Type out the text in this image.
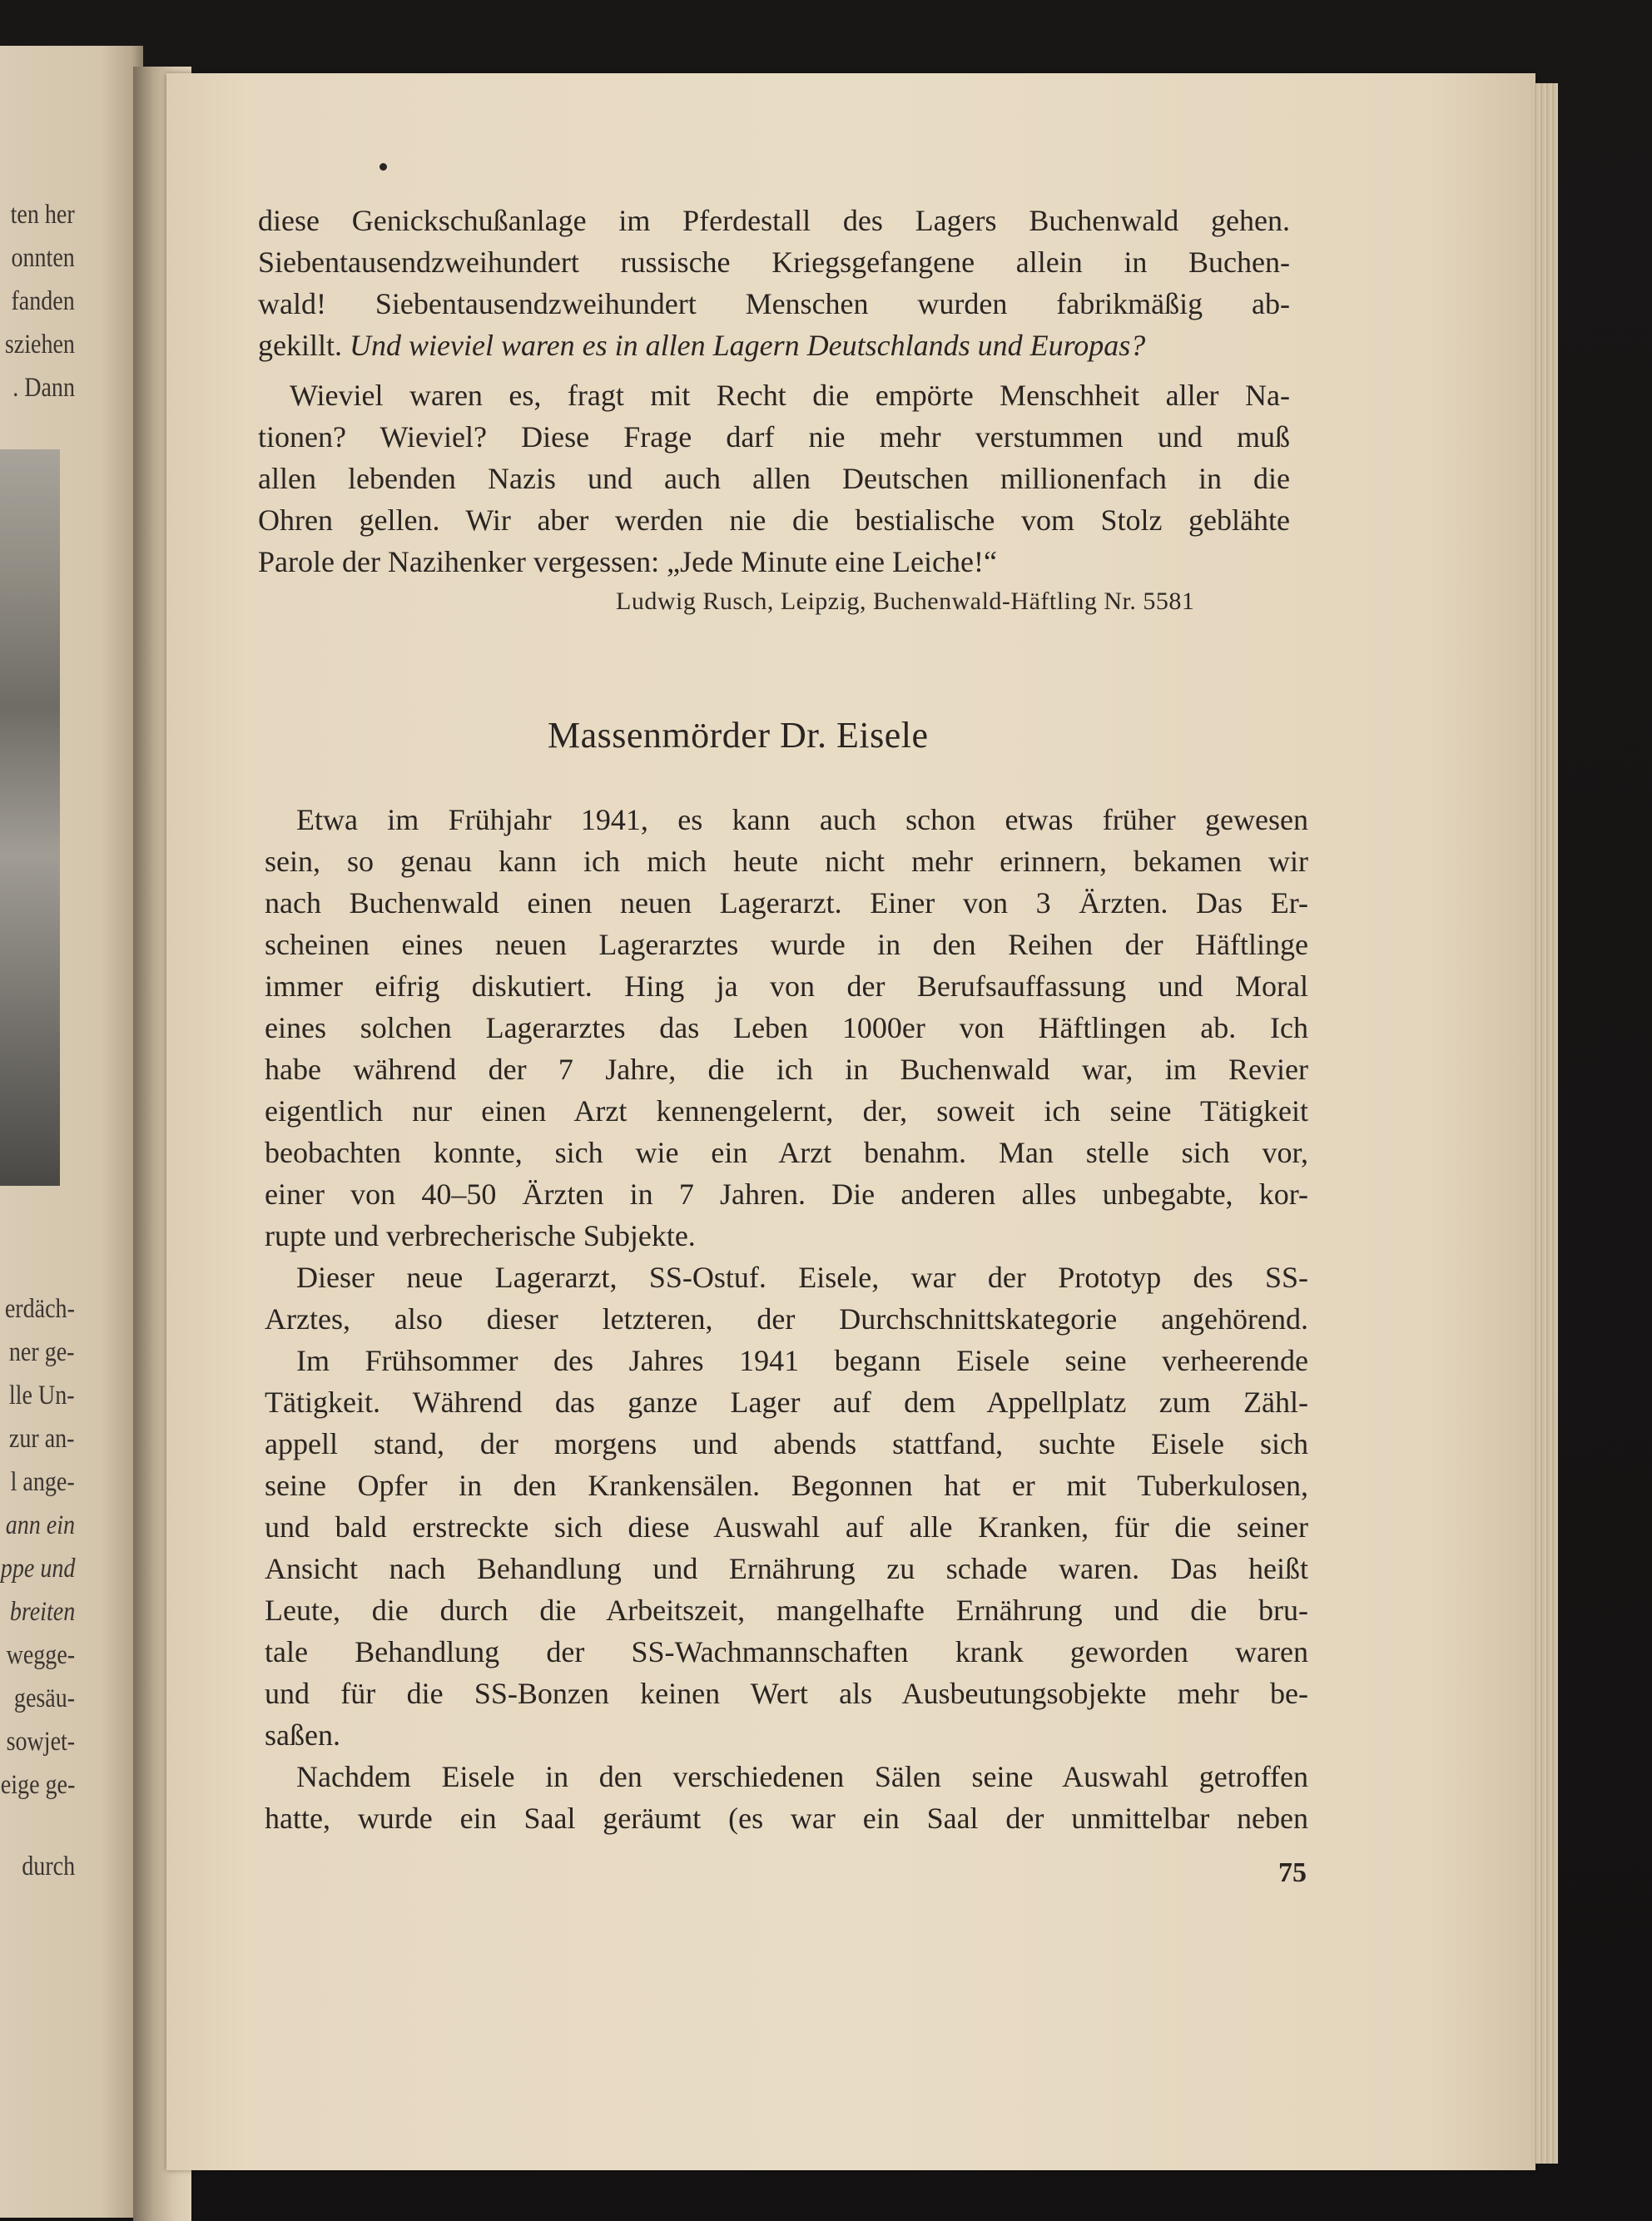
ten her
onnten
fanden
sziehen
. Dann
erdäch-
ner ge-
lle Un-
zur an-
l ange-
ann ein
ppe und
breiten
wegge-
gesäu-
sowjet-
eige ge-
durch
diese Genickschußanlage im Pferdestall des Lagers Buchenwald gehen.
Siebentausendzweihundert russische Kriegsgefangene allein in Buchen-
wald! Siebentausendzweihundert Menschen wurden fabrikmäßig ab-
gekillt. Und wieviel waren es in allen Lagern Deutschlands und Europas?
Wieviel waren es, fragt mit Recht die empörte Menschheit aller Na-
tionen? Wieviel? Diese Frage darf nie mehr verstummen und muß
allen lebenden Nazis und auch allen Deutschen millionenfach in die
Ohren gellen. Wir aber werden nie die bestialische vom Stolz geblähte
Parole der Nazihenker vergessen: „Jede Minute eine Leiche!“
Ludwig Rusch, Leipzig, Buchenwald-Häftling Nr. 5581
Massenmörder Dr. Eisele
Etwa im Frühjahr 1941, es kann auch schon etwas früher gewesen
sein, so genau kann ich mich heute nicht mehr erinnern, bekamen wir
nach Buchenwald einen neuen Lagerarzt. Einer von 3 Ärzten. Das Er-
scheinen eines neuen Lagerarztes wurde in den Reihen der Häftlinge
immer eifrig diskutiert. Hing ja von der Berufsauffassung und Moral
eines solchen Lagerarztes das Leben 1000er von Häftlingen ab. Ich
habe während der 7 Jahre, die ich in Buchenwald war, im Revier
eigentlich nur einen Arzt kennengelernt, der, soweit ich seine Tätigkeit
beobachten konnte, sich wie ein Arzt benahm. Man stelle sich vor,
einer von 40–50 Ärzten in 7 Jahren. Die anderen alles unbegabte, kor-
rupte und verbrecherische Subjekte.
Dieser neue Lagerarzt, SS-Ostuf. Eisele, war der Prototyp des SS-
Arztes, also dieser letzteren, der Durchschnittskategorie angehörend.
Im Frühsommer des Jahres 1941 begann Eisele seine verheerende
Tätigkeit. Während das ganze Lager auf dem Appellplatz zum Zähl-
appell stand, der morgens und abends stattfand, suchte Eisele sich
seine Opfer in den Krankensälen. Begonnen hat er mit Tuberkulosen,
und bald erstreckte sich diese Auswahl auf alle Kranken, für die seiner
Ansicht nach Behandlung und Ernährung zu schade waren. Das heißt
Leute, die durch die Arbeitszeit, mangelhafte Ernährung und die bru-
tale Behandlung der SS-Wachmannschaften krank geworden waren
und für die SS-Bonzen keinen Wert als Ausbeutungsobjekte mehr be-
saßen.
Nachdem Eisele in den verschiedenen Sälen seine Auswahl getroffen
hatte, wurde ein Saal geräumt (es war ein Saal der unmittelbar neben
75
